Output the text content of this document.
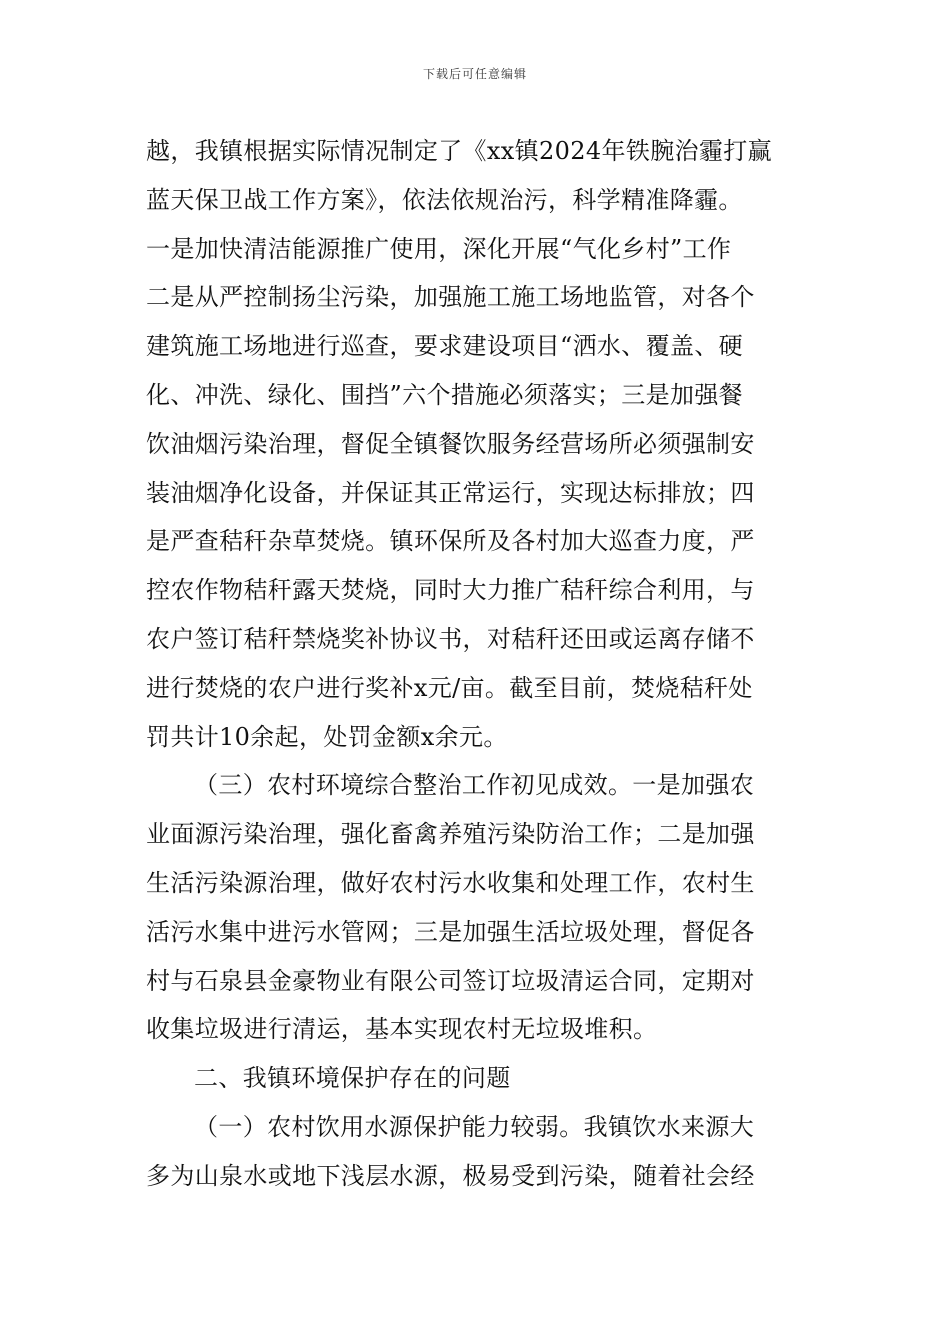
下载后可任意编辑
越，我镇根据实际情况制定了《xx镇2024年铁腕治霾打赢
蓝天保卫战工作方案》，依法依规治污，科学精准降霾。
一是加快清洁能源推广使用，深化开展“气化乡村”工作
二是从严控制扬尘污染，加强施工施工场地监管，对各个
建筑施工场地进行巡查，要求建设项目“洒水、覆盖、硬
化、冲洗、绿化、围挡”六个措施必须落实；三是加强餐
饮油烟污染治理，督促全镇餐饮服务经营场所必须强制安
装油烟净化设备，并保证其正常运行，实现达标排放；四
是严查秸秆杂草焚烧。镇环保所及各村加大巡查力度，严
控农作物秸秆露天焚烧，同时大力推广秸秆综合利用，与
农户签订秸秆禁烧奖补协议书，对秸秆还田或运离存储不
进行焚烧的农户进行奖补x元/亩。截至目前，焚烧秸秆处
罚共计10余起，处罚金额x余元。
（三）农村环境综合整治工作初见成效。一是加强农
业面源污染治理，强化畜禽养殖污染防治工作；二是加强
生活污染源治理，做好农村污水收集和处理工作，农村生
活污水集中进污水管网；三是加强生活垃圾处理，督促各
村与石泉县金豪物业有限公司签订垃圾清运合同，定期对
收集垃圾进行清运，基本实现农村无垃圾堆积。
二、我镇环境保护存在的问题
（一）农村饮用水源保护能力较弱。我镇饮水来源大
多为山泉水或地下浅层水源，极易受到污染，随着社会经
